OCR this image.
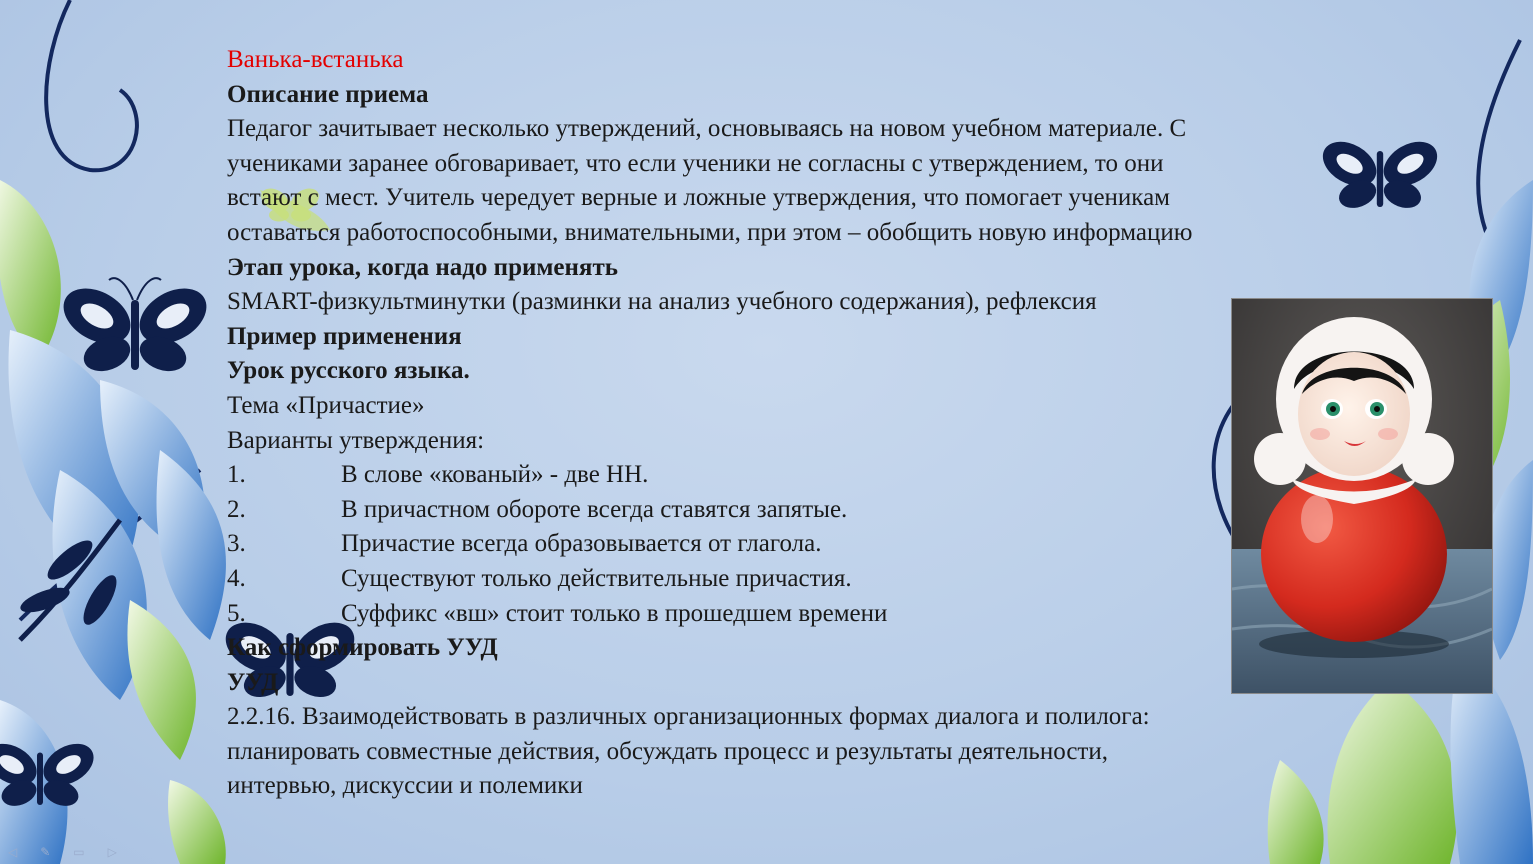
Ванька-встанька
Описание приема
Педагог зачитывает несколько утверждений, основываясь на новом учебном материале. С
учениками заранее обговаривает, что если ученики не согласны с утверждением, то они
встают с мест. Учитель чередует верные и ложные утверждения, что помогает ученикам
оставаться работоспособными, внимательными, при этом – обобщить новую информацию
Этап урока, когда надо применять
SMART-физкультминутки (разминки на анализ учебного содержания), рефлексия
Пример применения
Урок русского языка.
Тема «Причастие»
Варианты утверждения:
1.	В слове «кованый» - две НН.
2.	В причастном обороте всегда ставятся запятые.
3.	Причастие всегда образовывается от глагола.
4.	Существуют только действительные причастия.
5.	Суффикс «вш» стоит только в прошедшем времени
Как сформировать УУД
УУД
2.2.16. Взаимодействовать в различных организационных формах диалога и полилога:
планировать совместные действия, обсуждать процесс и результаты деятельности,
интервью, дискуссии и полемики
◁ ✎ ▭ ▷
